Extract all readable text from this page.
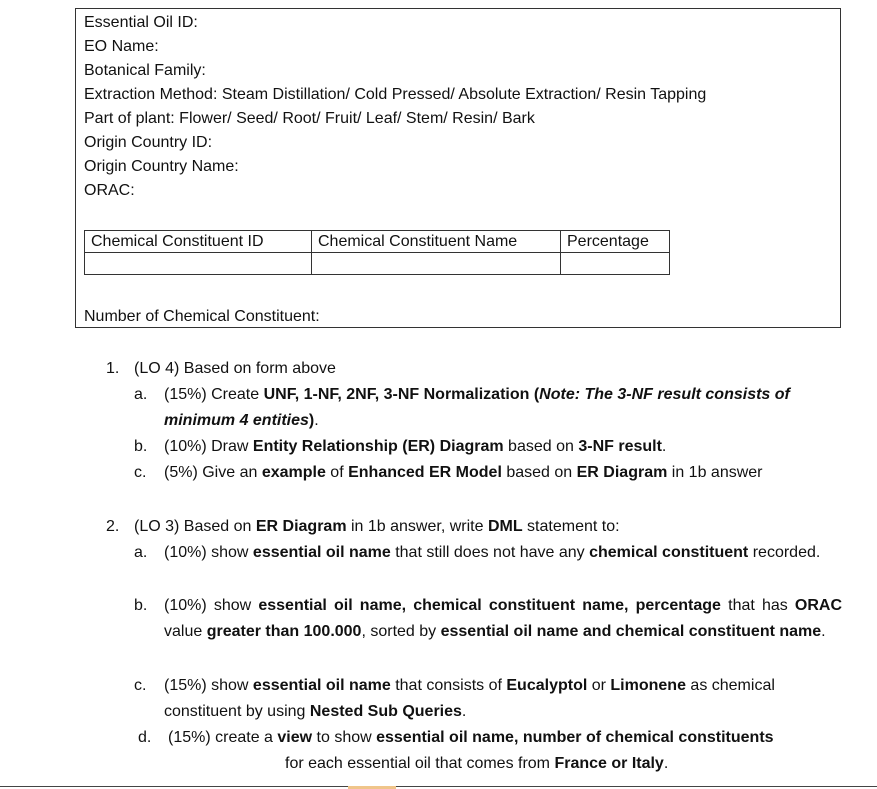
Essential Oil ID:
EO Name:
Botanical Family:
Extraction Method: Steam Distillation/ Cold Pressed/ Absolute Extraction/ Resin Tapping
Part of plant: Flower/ Seed/ Root/ Fruit/ Leaf/ Stem/ Resin/ Bark
Origin Country ID:
Origin Country Name:
ORAC:
Chemical Constituent ID	Chemical Constituent Name	Percentage

Number of Chemical Constituent:
1. (LO 4) Based on form above
a. (15%) Create UNF, 1-NF, 2NF, 3-NF Normalization (Note: The 3-NF result consists of minimum 4 entities).
b. (10%) Draw Entity Relationship (ER) Diagram based on 3-NF result.
c. (5%) Give an example of Enhanced ER Model based on ER Diagram in 1b answer
2. (LO 3) Based on ER Diagram in 1b answer, write DML statement to:
a. (10%) show essential oil name that still does not have any chemical constituent recorded.
b. (10%) show essential oil name, chemical constituent name, percentage that has ORAC value greater than 100.000, sorted by essential oil name and chemical constituent name.
c. (15%) show essential oil name that consists of Eucalyptol or Limonene as chemical constituent by using Nested Sub Queries.
d. (15%) create a view to show essential oil name, number of chemical constituents
for each essential oil that comes from France or Italy.
